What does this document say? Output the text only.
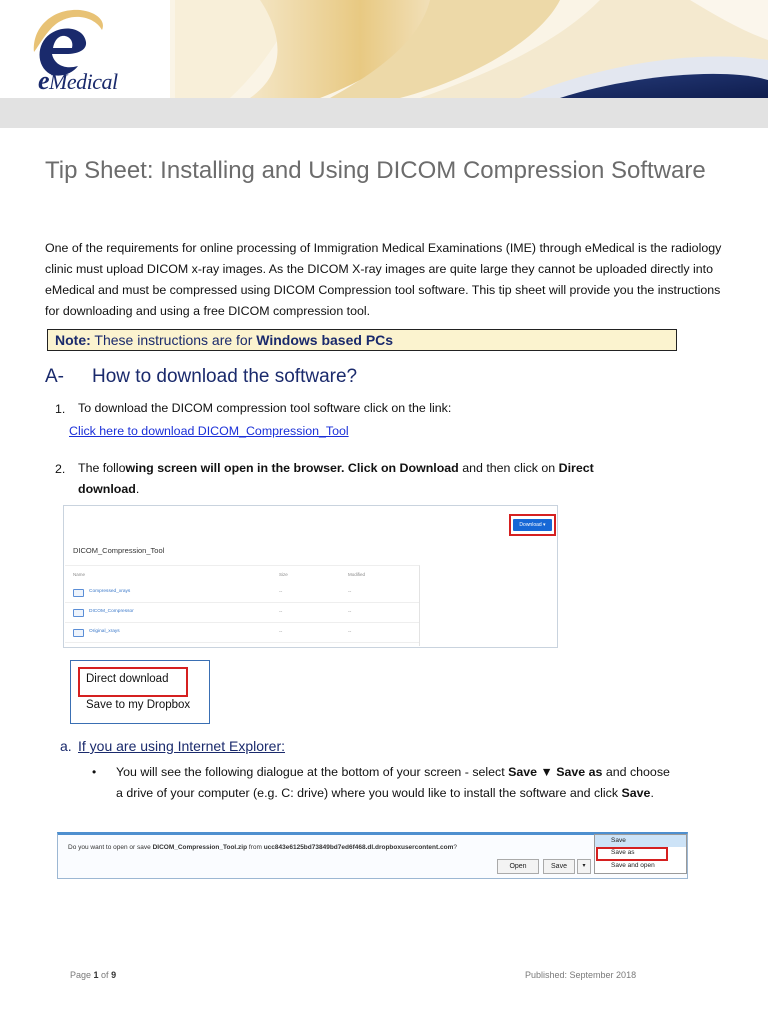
eMedical
Tip Sheet: Installing and Using DICOM Compression Software
One of the requirements for online processing of Immigration Medical Examinations (IME) through eMedical is the radiology clinic must upload DICOM x-ray images. As the DICOM X-ray images are quite large they cannot be uploaded directly into eMedical and must be compressed using DICOM Compression tool software. This tip sheet will provide you the instructions for downloading and using a free DICOM compression tool.
Note: These instructions are for Windows based PCs
A- How to download the software?
1. To download the DICOM compression tool software click on the link:
Click here to download DICOM_Compression_Tool
2. The following screen will open in the browser. Click on Download and then click on Direct download.
Download ▾
DICOM_Compression_Tool
Name	Size	Modified
Compressed_xrays	--	--
DICOM_Compressor	--	--
Original_xrays	--	--
Direct download
Save to my Dropbox
a. If you are using Internet Explorer:
• You will see the following dialogue at the bottom of your screen - select Save ▼ Save as and choose a drive of your computer (e.g. C: drive) where you would like to install the software and click Save.
Do you want to open or save DICOM_Compression_Tool.zip from ucc843e6125bd73849bd7ed6f468.dl.dropboxusercontent.com?
Open	Save	▾
Save
Save as
Save and open
Page 1 of 9	Published: September 2018
